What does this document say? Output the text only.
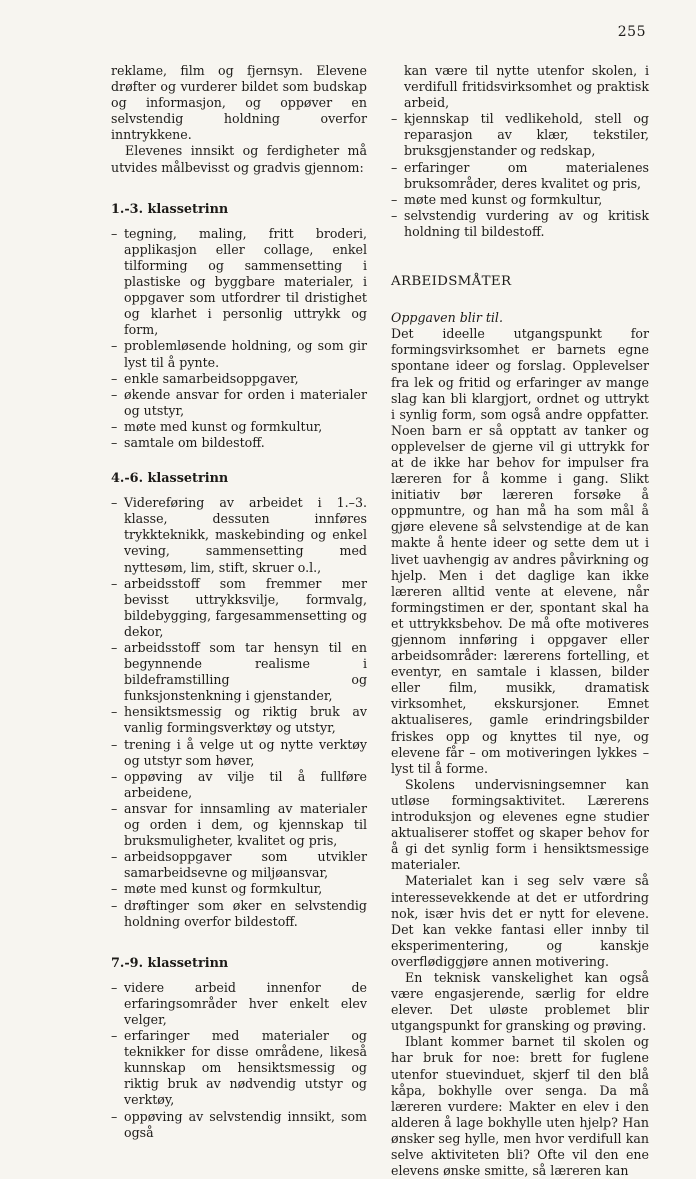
255

reklame, film og fjernsyn. Elevene drøfter og vurderer bildet som budskap og informasjon, og oppøver en selvstendig holdning overfor inntrykkene.

Elevenes innsikt og ferdigheter må utvides målbevisst og gradvis gjennom:

1.-3. klassetrinn

– tegning, maling, fritt broderi, applikasjon eller collage, enkel tilforming og sammensetting i plastiske og byggbare materialer, i oppgaver som utfordrer til dristighet og klarhet i personlig uttrykk og form,
– problemløsende holdning, og som gir lyst til å pynte.
– enkle samarbeidsoppgaver,
– økende ansvar for orden i materialer og utstyr,
– møte med kunst og formkultur,
– samtale om bildestoff.

4.-6. klassetrinn

– Videreføring av arbeidet i 1.–3. klasse, dessuten innføres trykkteknikk, maskebinding og enkel veving, sammensetting med nyttesøm, lim, stift, skruer o.l.,
– arbeidsstoff som fremmer mer bevisst uttrykksvilje, formvalg, bildebygging, fargesammensetting og dekor,
– arbeidsstoff som tar hensyn til en begynnende realisme i bildeframstilling og funksjonstenkning i gjenstander,
– hensiktsmessig og riktig bruk av vanlig formingsverktøy og utstyr,
– trening i å velge ut og nytte verktøy og utstyr som høver,
– oppøving av vilje til å fullføre arbeidene,
– ansvar for innsamling av materialer og orden i dem, og kjennskap til bruksmuligheter, kvalitet og pris,
– arbeidsoppgaver som utvikler samarbeidsevne og miljøansvar,
– møte med kunst og formkultur,
– drøftinger som øker en selvstendig holdning overfor bildestoff.

7.-9. klassetrinn

– videre arbeid innenfor de erfaringsområder hver enkelt elev velger,
– erfaringer med materialer og teknikker for disse områdene, likeså kunnskap om hensiktsmessig og riktig bruk av nødvendig utstyr og verktøy,
– oppøving av selvstendig innsikt, som også

kan være til nytte utenfor skolen, i verdifull fritidsvirksomhet og praktisk arbeid,

– kjennskap til vedlikehold, stell og reparasjon av klær, tekstiler, bruksgjenstander og redskap,
– erfaringer om materialenes bruksområder, deres kvalitet og pris,
– møte med kunst og formkultur,
– selvstendig vurdering av og kritisk holdning til bildestoff.

ARBEIDSMÅTER

Oppgaven blir til.

Det ideelle utgangspunkt for formingsvirksomhet er barnets egne spontane ideer og forslag. Opplevelser fra lek og fritid og erfaringer av mange slag kan bli klargjort, ordnet og uttrykt i synlig form, som også andre oppfatter. Noen barn er så opptatt av tanker og opplevelser de gjerne vil gi uttrykk for at de ikke har behov for impulser fra læreren for å komme i gang. Slikt initiativ bør læreren forsøke å oppmuntre, og han må ha som mål å gjøre elevene så selvstendige at de kan makte å hente ideer og sette dem ut i livet uavhengig av andres påvirkning og hjelp. Men i det daglige kan ikke læreren alltid vente at elevene, når formingstimen er der, spontant skal ha et uttrykksbehov. De må ofte motiveres gjennom innføring i oppgaver eller arbeidsområder: lærerens fortelling, et eventyr, en samtale i klassen, bilder eller film, musikk, dramatisk virksomhet, ekskursjoner. Emnet aktualiseres, gamle erindringsbilder friskes opp og knyttes til nye, og elevene får – om motiveringen lykkes – lyst til å forme.

Skolens undervisningsemner kan utløse formingsaktivitet. Lærerens introduksjon og elevenes egne studier aktualiserer stoffet og skaper behov for å gi det synlig form i hensiktsmessige materialer.

Materialet kan i seg selv være så interessevekkende at det er utfordring nok, især hvis det er nytt for elevene. Det kan vekke fantasi eller innby til eksperimentering, og kanskje overflødiggjøre annen motivering.

En teknisk vanskelighet kan også være engasjerende, særlig for eldre elever. Det uløste problemet blir utgangspunkt for gransking og prøving.

Iblant kommer barnet til skolen og har bruk for noe: brett for fuglene utenfor stuevinduet, skjerf til den blå kåpa, bokhylle over senga. Da må læreren vurdere: Makter en elev i den alderen å lage bokhylle uten hjelp? Han ønsker seg hylle, men hvor verdifull kan selve aktiviteten bli? Ofte vil den ene elevens ønske smitte, så læreren kan
